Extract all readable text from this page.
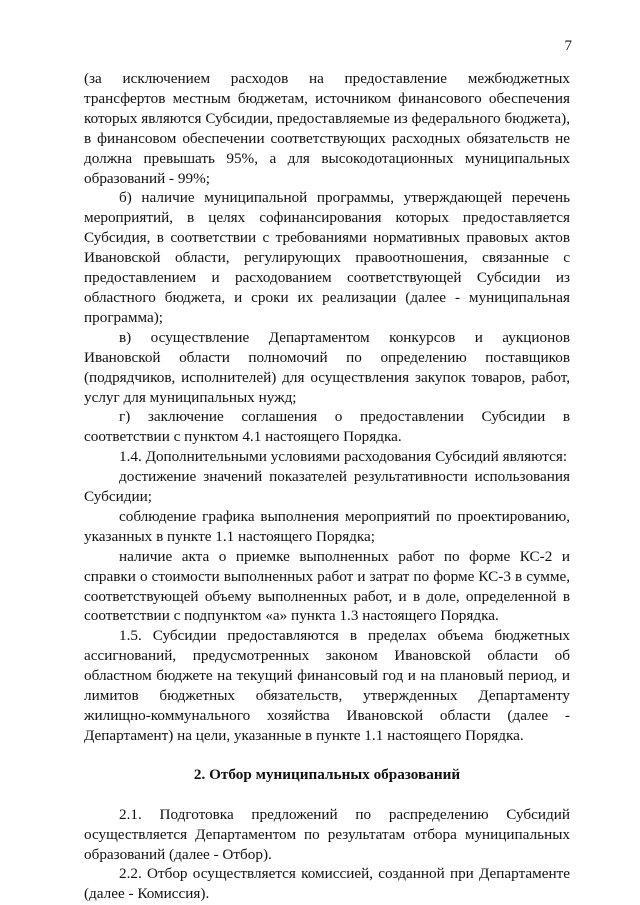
7

(за исключением расходов на предоставление межбюджетных трансфертов местным бюджетам, источником финансового обеспечения которых являются Субсидии, предоставляемые из федерального бюджета), в финансовом обеспечении соответствующих расходных обязательств не должна превышать 95%, а для высокодотационных муниципальных образований - 99%;

б) наличие муниципальной программы, утверждающей перечень мероприятий, в целях софинансирования которых предоставляется Субсидия, в соответствии с требованиями нормативных правовых актов Ивановской области, регулирующих правоотношения, связанные с предоставлением и расходованием соответствующей Субсидии из областного бюджета, и сроки их реализации (далее - муниципальная программа);

в) осуществление Департаментом конкурсов и аукционов Ивановской области полномочий по определению поставщиков (подрядчиков, исполнителей) для осуществления закупок товаров, работ, услуг для муниципальных нужд;

г) заключение соглашения о предоставлении Субсидии в соответствии с пунктом 4.1 настоящего Порядка.

1.4. Дополнительными условиями расходования Субсидий являются:

достижение значений показателей результативности использования Субсидии;

соблюдение графика выполнения мероприятий по проектированию, указанных в пункте 1.1 настоящего Порядка;

наличие акта о приемке выполненных работ по форме КС-2 и справки о стоимости выполненных работ и затрат по форме КС-3 в сумме, соответствующей объему выполненных работ, и в доле, определенной в соответствии с подпунктом «а» пункта 1.3 настоящего Порядка.

1.5. Субсидии предоставляются в пределах объема бюджетных ассигнований, предусмотренных законом Ивановской области об областном бюджете на текущий финансовый год и на плановый период, и лимитов бюджетных обязательств, утвержденных Департаменту жилищно-коммунального хозяйства Ивановской области (далее - Департамент) на цели, указанные в пункте 1.1 настоящего Порядка.

2. Отбор муниципальных образований

2.1. Подготовка предложений по распределению Субсидий осуществляется Департаментом по результатам отбора муниципальных образований (далее - Отбор).

2.2. Отбор осуществляется комиссией, созданной при Департаменте (далее - Комиссия).
